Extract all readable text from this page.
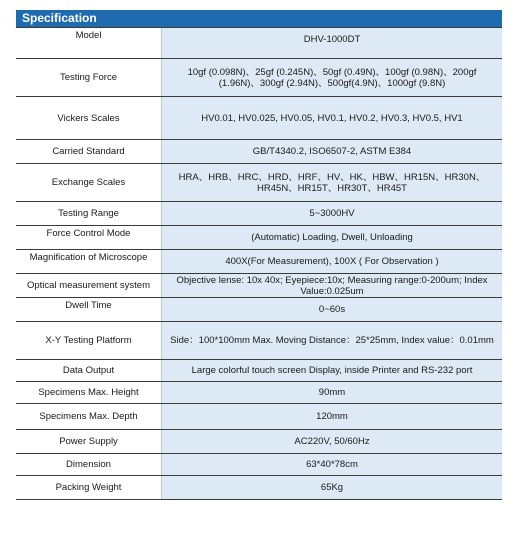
Specification
Model	DHV-1000DT
Testing Force	10gf (0.098N)、25gf (0.245N)、50gf (0.49N)、100gf (0.98N)、200gf (1.96N)、300gf (2.94N)、500gf(4.9N)、1000gf (9.8N)
Vickers Scales	HV0.01, HV0.025, HV0.05, HV0.1, HV0.2, HV0.3, HV0.5, HV1
Carried Standard	GB/T4340.2, ISO6507-2, ASTM E384
Exchange Scales	HRA、HRB、HRC、HRD、HRF、HV、HK、HBW、HR15N、HR30N、HR45N、HR15T、HR30T、HR45T
Testing Range	5~3000HV
Force Control Mode	(Automatic) Loading, Dwell, Unloading
Magnification of Microscope	400X(For Measurement), 100X ( For Observation )
Optical measurement system	Objective lense: 10x 40x; Eyepiece:10x; Measuring range:0-200um; Index Value:0.025um
Dwell Time	0~60s
X-Y Testing Platform	Side：100*100mm Max. Moving Distance：25*25mm, Index value：0.01mm
Data Output	Large colorful touch screen Display, inside Printer and RS-232 port
Specimens Max. Height	90mm
Specimens Max. Depth	120mm
Power Supply	AC220V, 50/60Hz
Dimension	63*40*78cm
Packing Weight	65Kg
